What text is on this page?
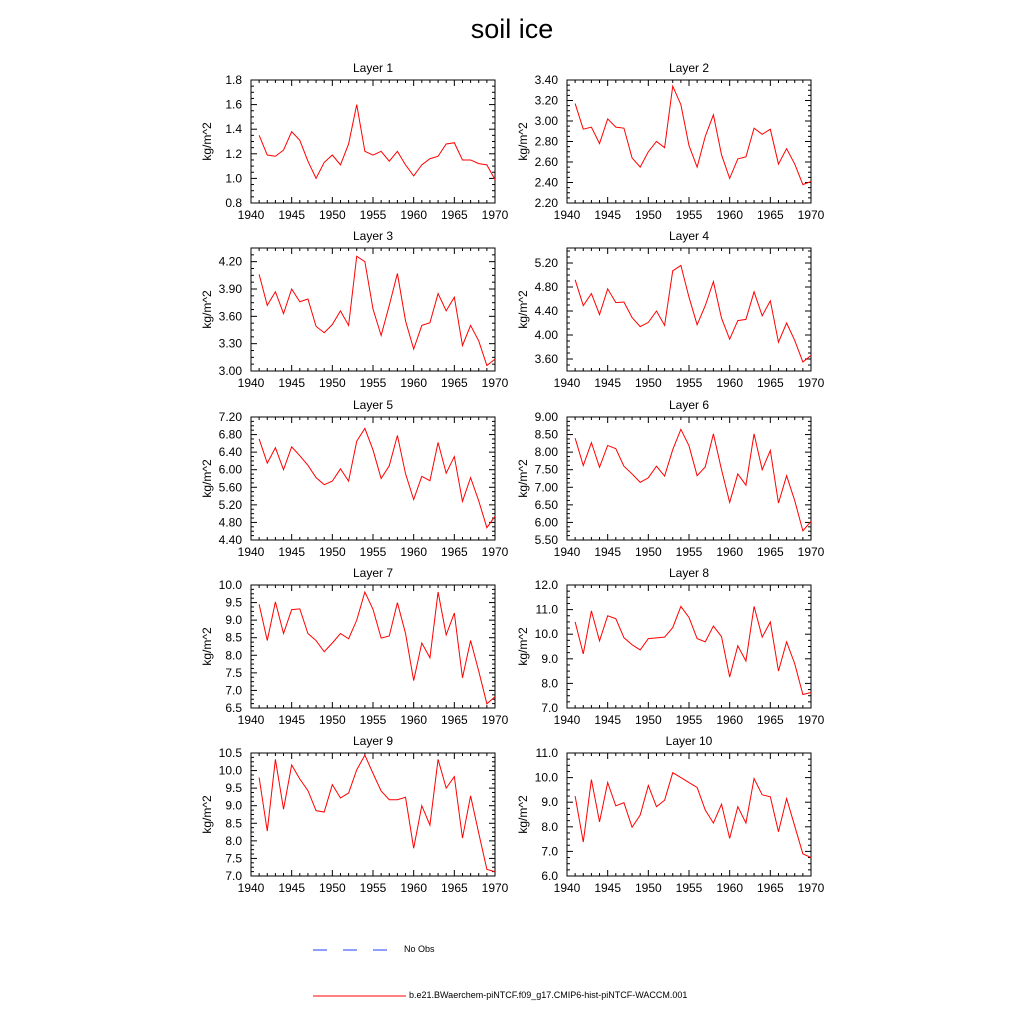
soil ice
Layer 1
kg/m^2
1940 1945 1950 1955 1960 1965 1970
0.8
1.0
1.2
1.4
1.6
1.8
Layer 2
kg/m^2
1940 1945 1950 1955 1960 1965 1970
2.20
2.40
2.60
2.80
3.00
3.20
3.40
Layer 3
kg/m^2
1940 1945 1950 1955 1960 1965 1970
3.00
3.30
3.60
3.90
4.20
Layer 4
kg/m^2
1940 1945 1950 1955 1960 1965 1970
3.60
4.00
4.40
4.80
5.20
Layer 5
kg/m^2
1940 1945 1950 1955 1960 1965 1970
4.40
4.80
5.20
5.60
6.00
6.40
6.80
7.20
Layer 6
kg/m^2
1940 1945 1950 1955 1960 1965 1970
5.50
6.00
6.50
7.00
7.50
8.00
8.50
9.00
Layer 7
kg/m^2
1940 1945 1950 1955 1960 1965 1970
6.5
7.0
7.5
8.0
8.5
9.0
9.5
10.0
Layer 8
kg/m^2
1940 1945 1950 1955 1960 1965 1970
7.0
8.0
9.0
10.0
11.0
12.0
Layer 9
kg/m^2
1940 1945 1950 1955 1960 1965 1970
7.0
7.5
8.0
8.5
9.0
9.5
10.0
10.5
Layer 10
kg/m^2
1940 1945 1950 1955 1960 1965 1970
6.0
7.0
8.0
9.0
10.0
11.0
No Obs
b.e21.BWaerchem-piNTCF.f09_g17.CMIP6-hist-piNTCF-WACCM.001
